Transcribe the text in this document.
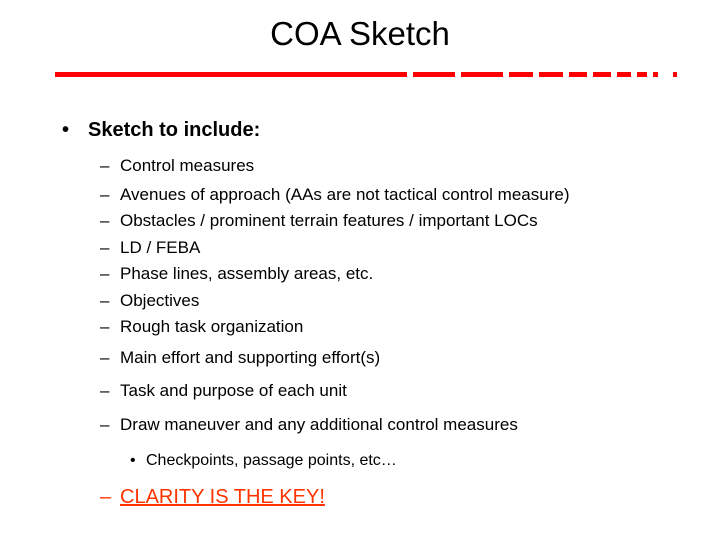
COA Sketch
• Sketch to include:
– Control measures
– Avenues of approach (AAs are not tactical control measure)
– Obstacles / prominent terrain features / important LOCs
– LD / FEBA
– Phase lines, assembly areas, etc.
– Objectives
– Rough task organization
– Main effort and supporting effort(s)
– Task and purpose of each unit
– Draw maneuver and any additional control measures
• Checkpoints, passage points, etc…
– CLARITY IS THE KEY!
